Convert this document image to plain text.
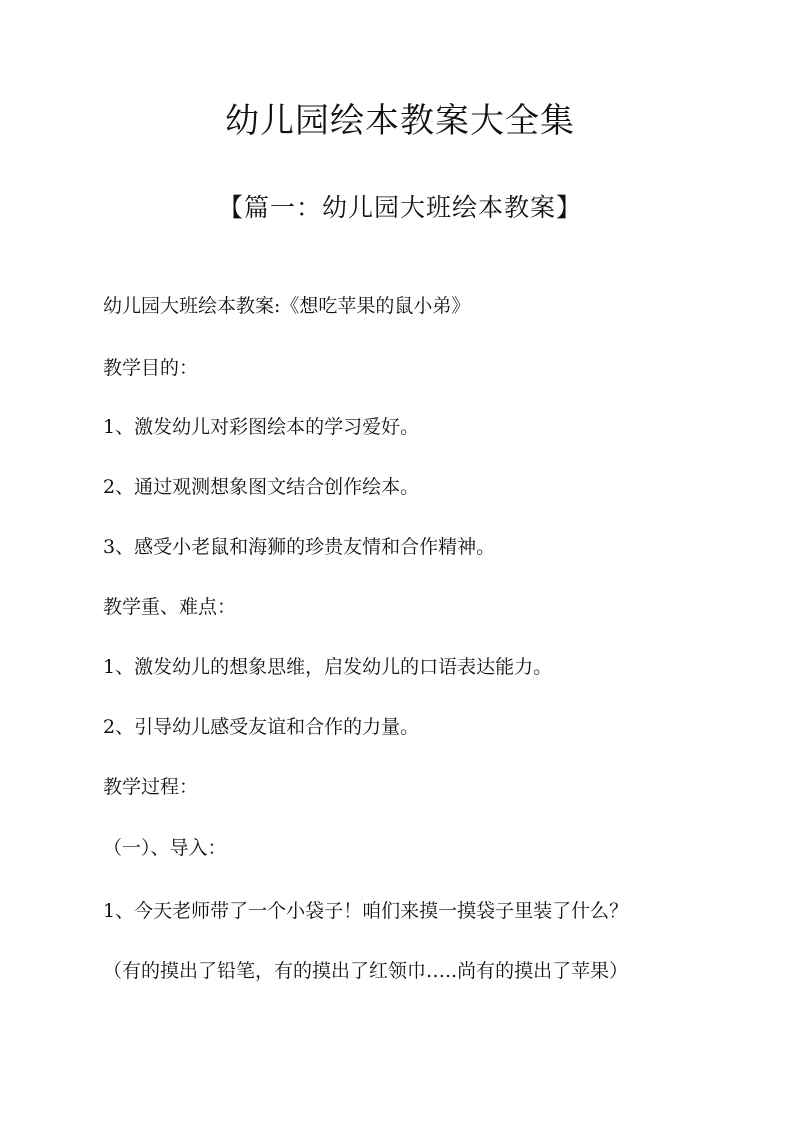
幼儿园绘本教案大全集
【篇一：幼儿园大班绘本教案】

幼儿园大班绘本教案:《想吃苹果的鼠小弟》

教学目的：

1、激发幼儿对彩图绘本的学习爱好。

2、通过观测想象图文结合创作绘本。

3、感受小老鼠和海狮的珍贵友情和合作精神。

教学重、难点：

1、激发幼儿的想象思维，启发幼儿的口语表达能力。

2、引导幼儿感受友谊和合作的力量。

教学过程：

（一）、导入：

1、今天老师带了一个小袋子！咱们来摸一摸袋子里装了什么？

（有的摸出了铅笔，有的摸出了红领巾…..尚有的摸出了苹果）
